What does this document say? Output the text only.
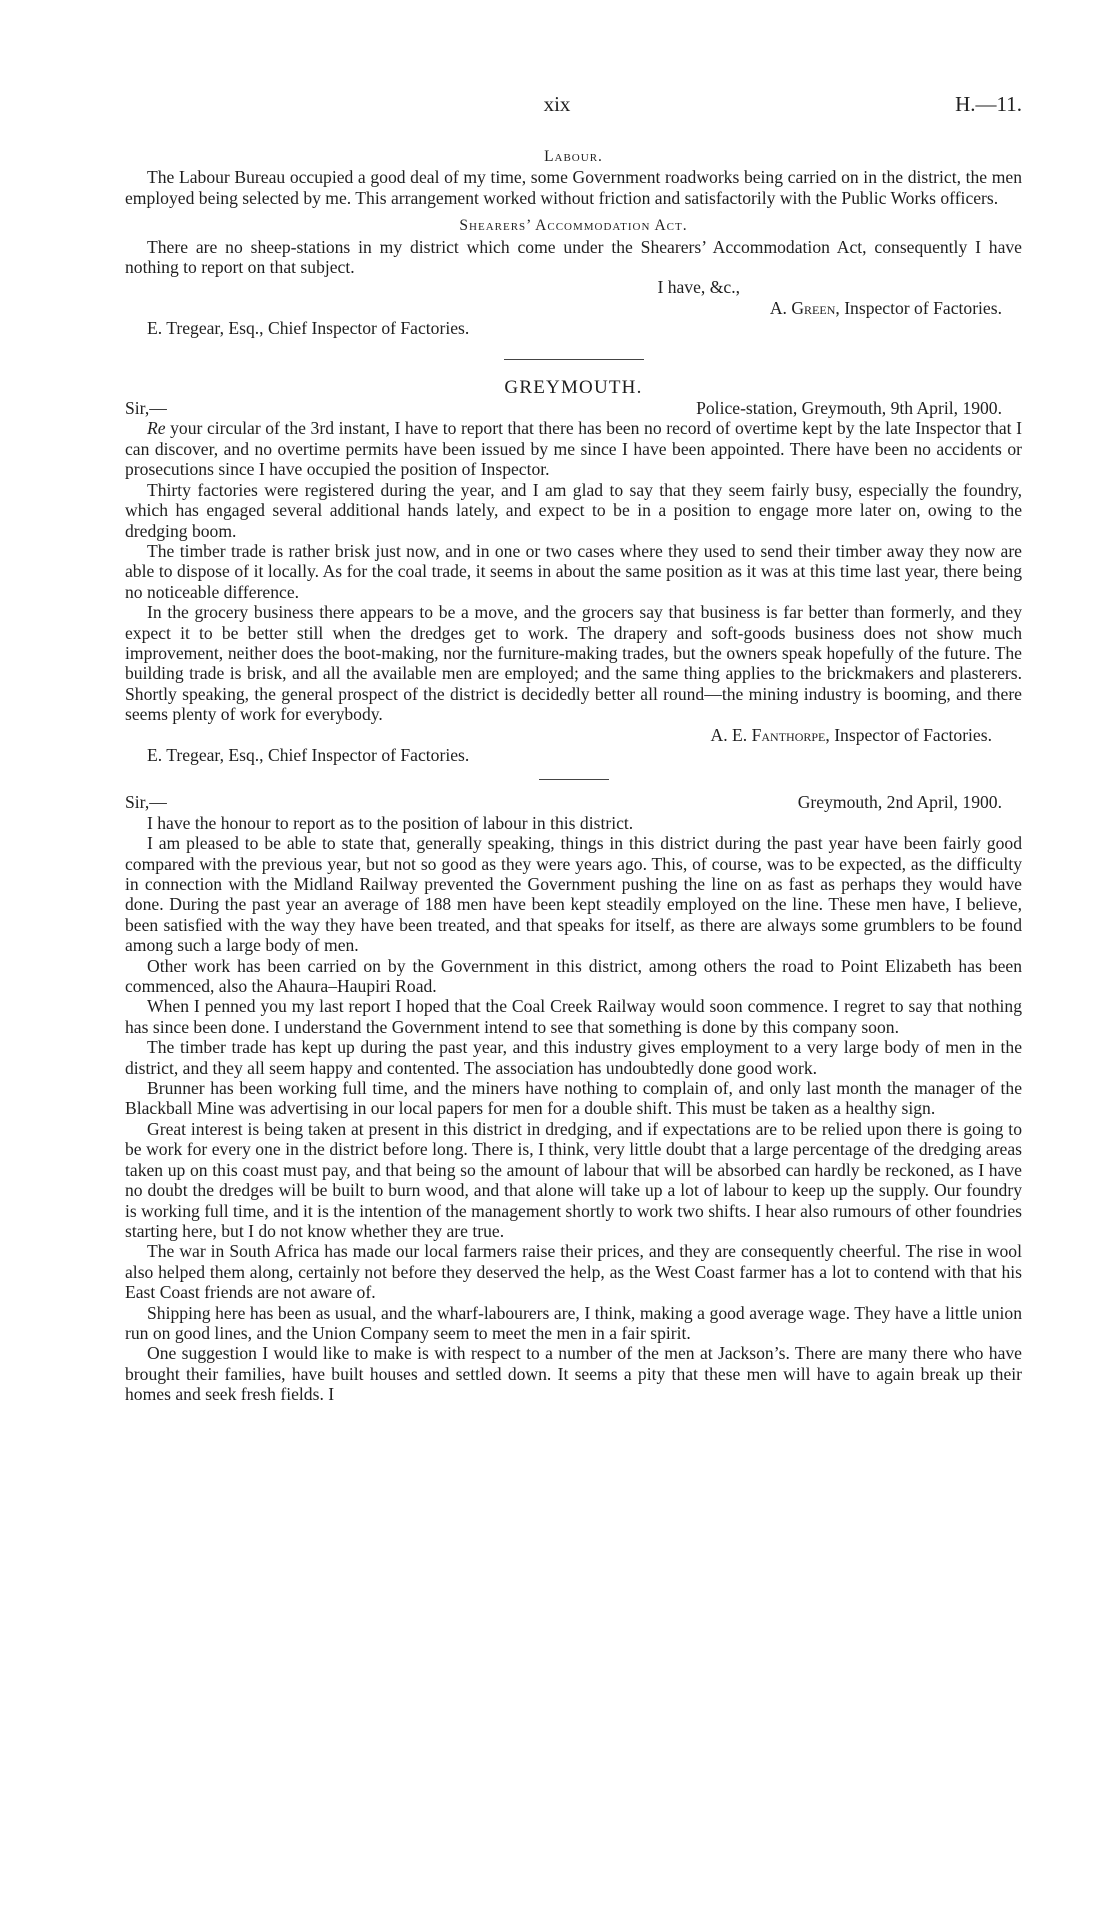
xix	H.—11.
Labour.

The Labour Bureau occupied a good deal of my time, some Government roadworks being carried on in the district, the men employed being selected by me. This arrangement worked without friction and satisfactorily with the Public Works officers.

Shearers’ Accommodation Act.

There are no sheep-stations in my district which come under the Shearers’ Accommodation Act, consequently I have nothing to report on that subject.

I have, &c.,
A. Green, Inspector of Factories.
E. Tregear, Esq., Chief Inspector of Factories.
GREYMOUTH.
Sir,—	Police-station, Greymouth, 9th April, 1900.

Re your circular of the 3rd instant, I have to report that there has been no record of overtime kept by the late Inspector that I can discover, and no overtime permits have been issued by me since I have been appointed. There have been no accidents or prosecutions since I have occupied the position of Inspector.

Thirty factories were registered during the year, and I am glad to say that they seem fairly busy, especially the foundry, which has engaged several additional hands lately, and expect to be in a position to engage more later on, owing to the dredging boom.

The timber trade is rather brisk just now, and in one or two cases where they used to send their timber away they now are able to dispose of it locally. As for the coal trade, it seems in about the same position as it was at this time last year, there being no noticeable difference.

In the grocery business there appears to be a move, and the grocers say that business is far better than formerly, and they expect it to be better still when the dredges get to work. The drapery and soft-goods business does not show much improvement, neither does the boot-making, nor the furniture-making trades, but the owners speak hopefully of the future. The building trade is brisk, and all the available men are employed; and the same thing applies to the brickmakers and plasterers. Shortly speaking, the general prospect of the district is decidedly better all round—the mining industry is booming, and there seems plenty of work for everybody.

A. E. Fanthorpe, Inspector of Factories.
E. Tregear, Esq., Chief Inspector of Factories.
Sir,—	Greymouth, 2nd April, 1900.

I have the honour to report as to the position of labour in this district.

I am pleased to be able to state that, generally speaking, things in this district during the past year have been fairly good compared with the previous year, but not so good as they were years ago. This, of course, was to be expected, as the difficulty in connection with the Midland Railway prevented the Government pushing the line on as fast as perhaps they would have done. During the past year an average of 188 men have been kept steadily employed on the line. These men have, I believe, been satisfied with the way they have been treated, and that speaks for itself, as there are always some grumblers to be found among such a large body of men.

Other work has been carried on by the Government in this district, among others the road to Point Elizabeth has been commenced, also the Ahaura–Haupiri Road.

When I penned you my last report I hoped that the Coal Creek Railway would soon commence. I regret to say that nothing has since been done. I understand the Government intend to see that something is done by this company soon.

The timber trade has kept up during the past year, and this industry gives employment to a very large body of men in the district, and they all seem happy and contented. The association has undoubtedly done good work.

Brunner has been working full time, and the miners have nothing to complain of, and only last month the manager of the Blackball Mine was advertising in our local papers for men for a double shift. This must be taken as a healthy sign.

Great interest is being taken at present in this district in dredging, and if expectations are to be relied upon there is going to be work for every one in the district before long. There is, I think, very little doubt that a large percentage of the dredging areas taken up on this coast must pay, and that being so the amount of labour that will be absorbed can hardly be reckoned, as I have no doubt the dredges will be built to burn wood, and that alone will take up a lot of labour to keep up the supply. Our foundry is working full time, and it is the intention of the management shortly to work two shifts. I hear also rumours of other foundries starting here, but I do not know whether they are true.

The war in South Africa has made our local farmers raise their prices, and they are consequently cheerful. The rise in wool also helped them along, certainly not before they deserved the help, as the West Coast farmer has a lot to contend with that his East Coast friends are not aware of.

Shipping here has been as usual, and the wharf-labourers are, I think, making a good average wage. They have a little union run on good lines, and the Union Company seem to meet the men in a fair spirit.

One suggestion I would like to make is with respect to a number of the men at Jackson’s. There are many there who have brought their families, have built houses and settled down. It seems a pity that these men will have to again break up their homes and seek fresh fields. I
